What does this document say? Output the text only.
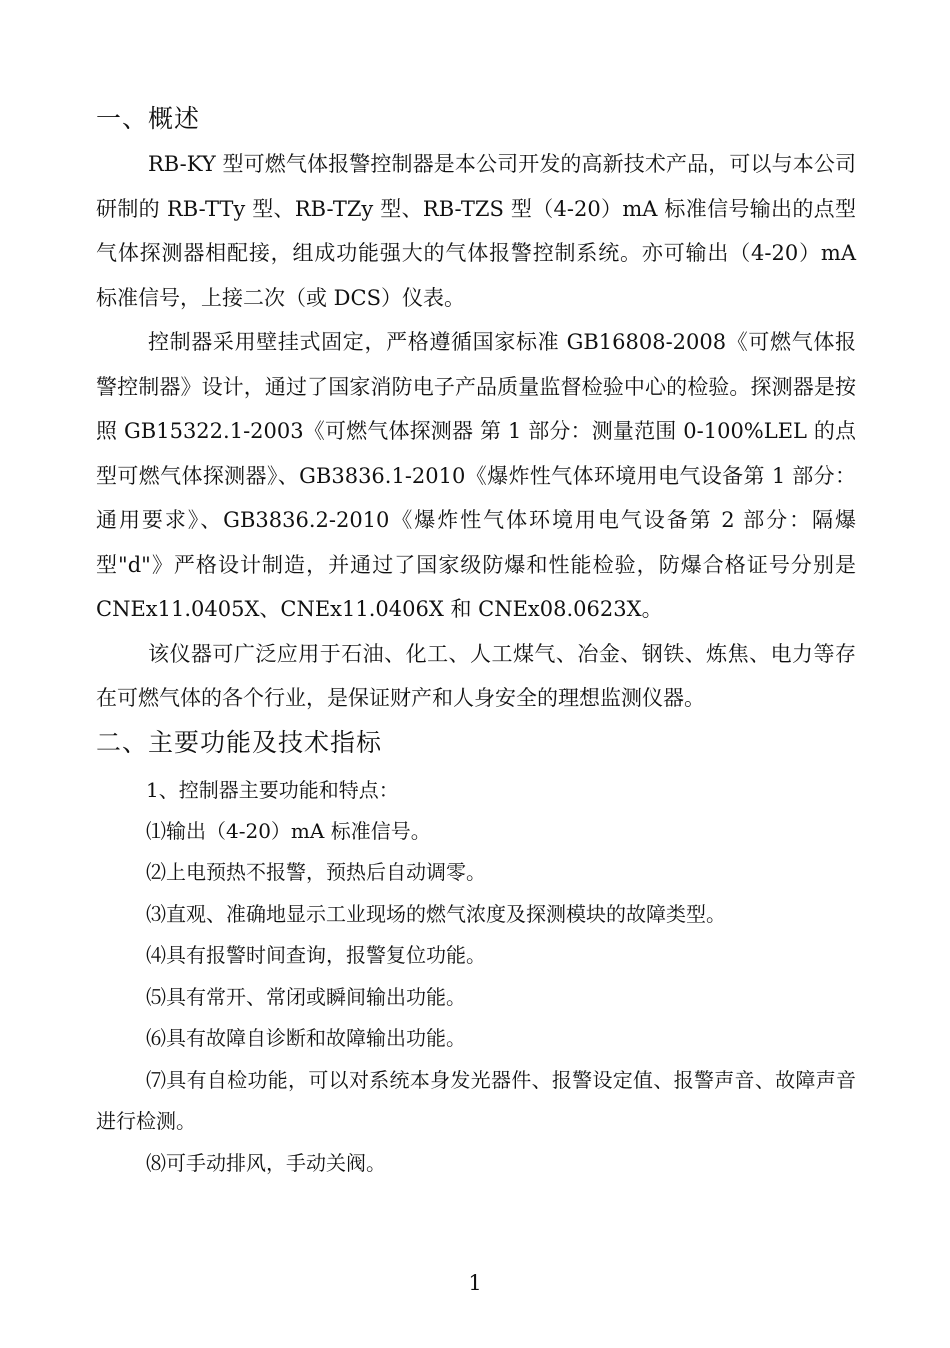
一、概述

RB-KY 型可燃气体报警控制器是本公司开发的高新技术产品，可以与本公司研制的 RB-TTy 型、RB-TZy 型、RB-TZS 型（4-20）mA 标准信号输出的点型气体探测器相配接，组成功能强大的气体报警控制系统。亦可输出（4-20）mA 标准信号，上接二次（或 DCS）仪表。

控制器采用壁挂式固定，严格遵循国家标准 GB16808-2008《可燃气体报警控制器》设计，通过了国家消防电子产品质量监督检验中心的检验。探测器是按照 GB15322.1-2003《可燃气体探测器 第 1 部分：测量范围 0-100%LEL 的点型可燃气体探测器》、GB3836.1-2010《爆炸性气体环境用电气设备第 1 部分：通用要求》、GB3836.2-2010《爆炸性气体环境用电气设备第 2 部分：隔爆型"d"》严格设计制造，并通过了国家级防爆和性能检验，防爆合格证号分别是 CNEx11.0405X、CNEx11.0406X 和 CNEx08.0623X。

该仪器可广泛应用于石油、化工、人工煤气、冶金、钢铁、炼焦、电力等存在可燃气体的各个行业，是保证财产和人身安全的理想监测仪器。

二、主要功能及技术指标
1、控制器主要功能和特点：
⑴输出（4-20）mA 标准信号。
⑵上电预热不报警，预热后自动调零。
⑶直观、准确地显示工业现场的燃气浓度及探测模块的故障类型。
⑷具有报警时间查询，报警复位功能。
⑸具有常开、常闭或瞬间输出功能。
⑹具有故障自诊断和故障输出功能。

⑺具有自检功能，可以对系统本身发光器件、报警设定值、报警声音、故障声音进行检测。

⑻可手动排风，手动关阀。
1
